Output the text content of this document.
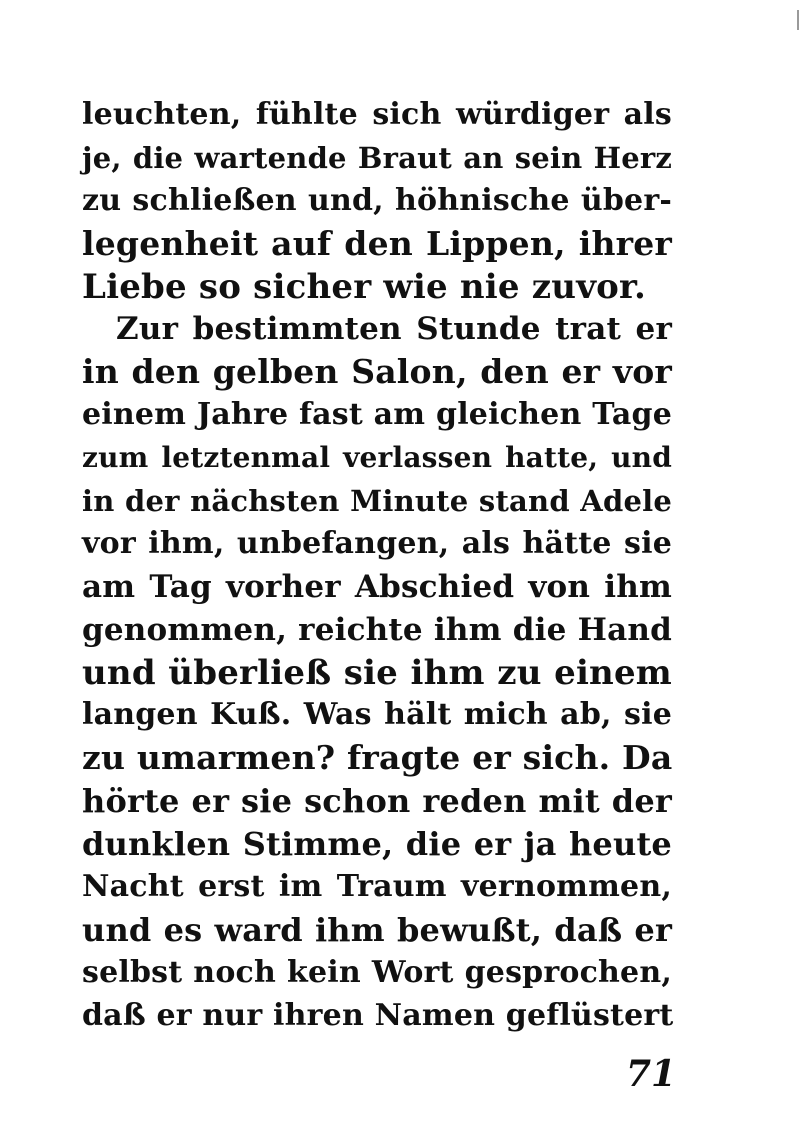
leuchten, fühlte sich würdiger als
je, die wartende Braut an sein Herz
zu schließen und, höhnische über-
legenheit auf den Lippen, ihrer
Liebe so sicher wie nie zuvor.
Zur bestimmten Stunde trat er
in den gelben Salon, den er vor
einem Jahre fast am gleichen Tage
zum letztenmal verlassen hatte, und
in der nächsten Minute stand Adele
vor ihm, unbefangen, als hätte sie
am Tag vorher Abschied von ihm
genommen, reichte ihm die Hand
und überließ sie ihm zu einem
langen Kuß. Was hält mich ab, sie
zu umarmen? fragte er sich. Da
hörte er sie schon reden mit der
dunklen Stimme, die er ja heute
Nacht erst im Traum vernommen,
und es ward ihm bewußt, daß er
selbst noch kein Wort gesprochen,
daß er nur ihren Namen geflüstert
71
